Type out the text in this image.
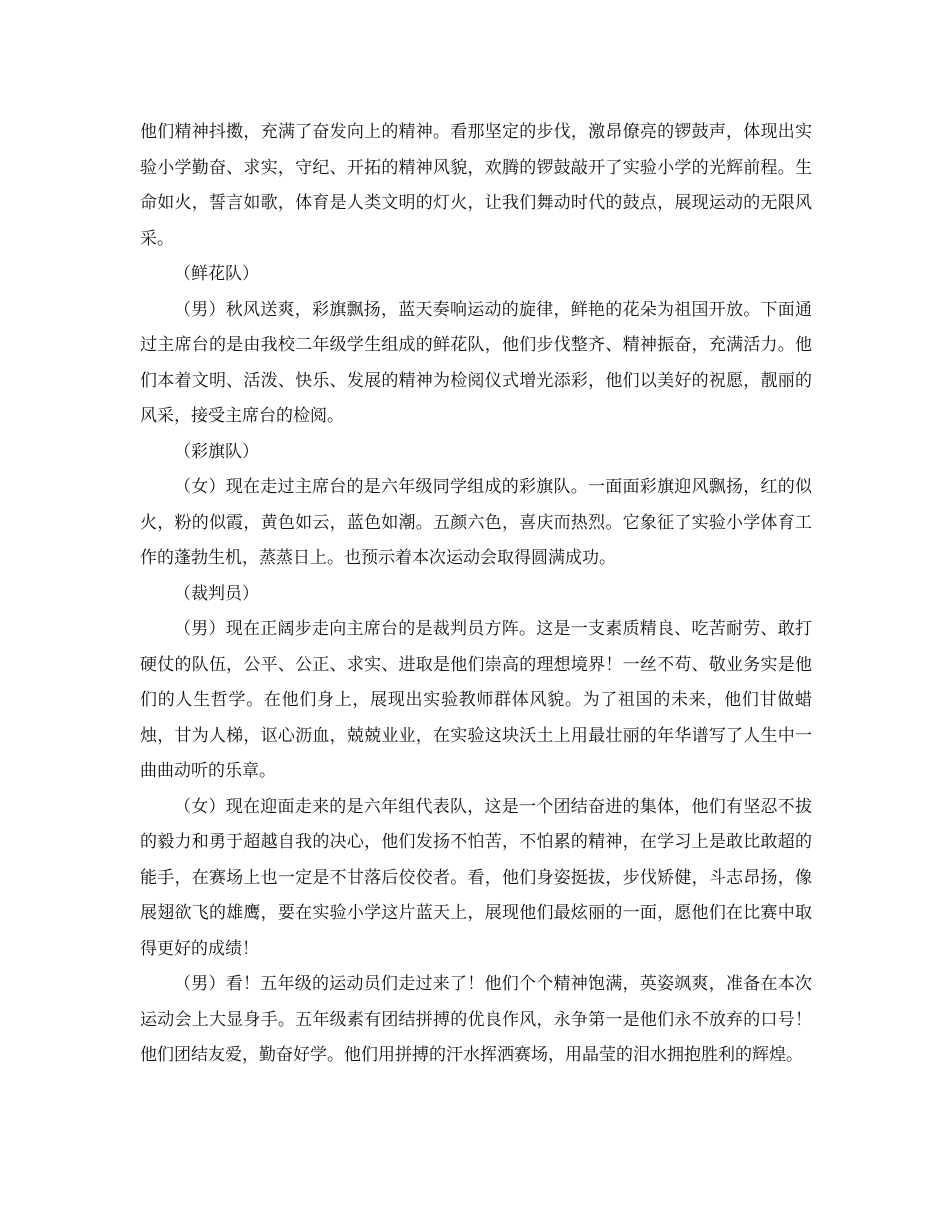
他们精神抖擞，充满了奋发向上的精神。看那坚定的步伐，激昂僚亮的锣鼓声，体现出实验小学勤奋、求实，守纪、开拓的精神风貌，欢腾的锣鼓敲开了实验小学的光辉前程。生命如火，誓言如歌，体育是人类文明的灯火，让我们舞动时代的鼓点，展现运动的无限风采。

（鲜花队）

（男）秋风送爽，彩旗飘扬，蓝天奏响运动的旋律，鲜艳的花朵为祖国开放。下面通过主席台的是由我校二年级学生组成的鲜花队，他们步伐整齐、精神振奋，充满活力。他们本着文明、活泼、快乐、发展的精神为检阅仪式增光添彩，他们以美好的祝愿，靓丽的风采，接受主席台的检阅。

（彩旗队）

（女）现在走过主席台的是六年级同学组成的彩旗队。一面面彩旗迎风飘扬，红的似火，粉的似霞，黄色如云，蓝色如潮。五颜六色，喜庆而热烈。它象征了实验小学体育工作的蓬勃生机，蒸蒸日上。也预示着本次运动会取得圆满成功。

（裁判员）

（男）现在正阔步走向主席台的是裁判员方阵。这是一支素质精良、吃苦耐劳、敢打硬仗的队伍，公平、公正、求实、进取是他们崇高的理想境界！一丝不苟、敬业务实是他们的人生哲学。在他们身上，展现出实验教师群体风貌。为了祖国的未来，他们甘做蜡烛，甘为人梯，讴心沥血，兢兢业业，在实验这块沃土上用最壮丽的年华谱写了人生中一曲曲动听的乐章。

（女）现在迎面走来的是六年组代表队，这是一个团结奋进的集体，他们有坚忍不拔的毅力和勇于超越自我的决心，他们发扬不怕苦，不怕累的精神，在学习上是敢比敢超的能手，在赛场上也一定是不甘落后佼佼者。看，他们身姿挺拔，步伐矫健，斗志昂扬，像展翅欲飞的雄鹰，要在实验小学这片蓝天上，展现他们最炫丽的一面，愿他们在比赛中取得更好的成绩！

（男）看！五年级的运动员们走过来了！他们个个精神饱满，英姿飒爽，准备在本次运动会上大显身手。五年级素有团结拼搏的优良作风，永争第一是他们永不放弃的口号！他们团结友爱，勤奋好学。他们用拼搏的汗水挥洒赛场，用晶莹的泪水拥抱胜利的辉煌。
